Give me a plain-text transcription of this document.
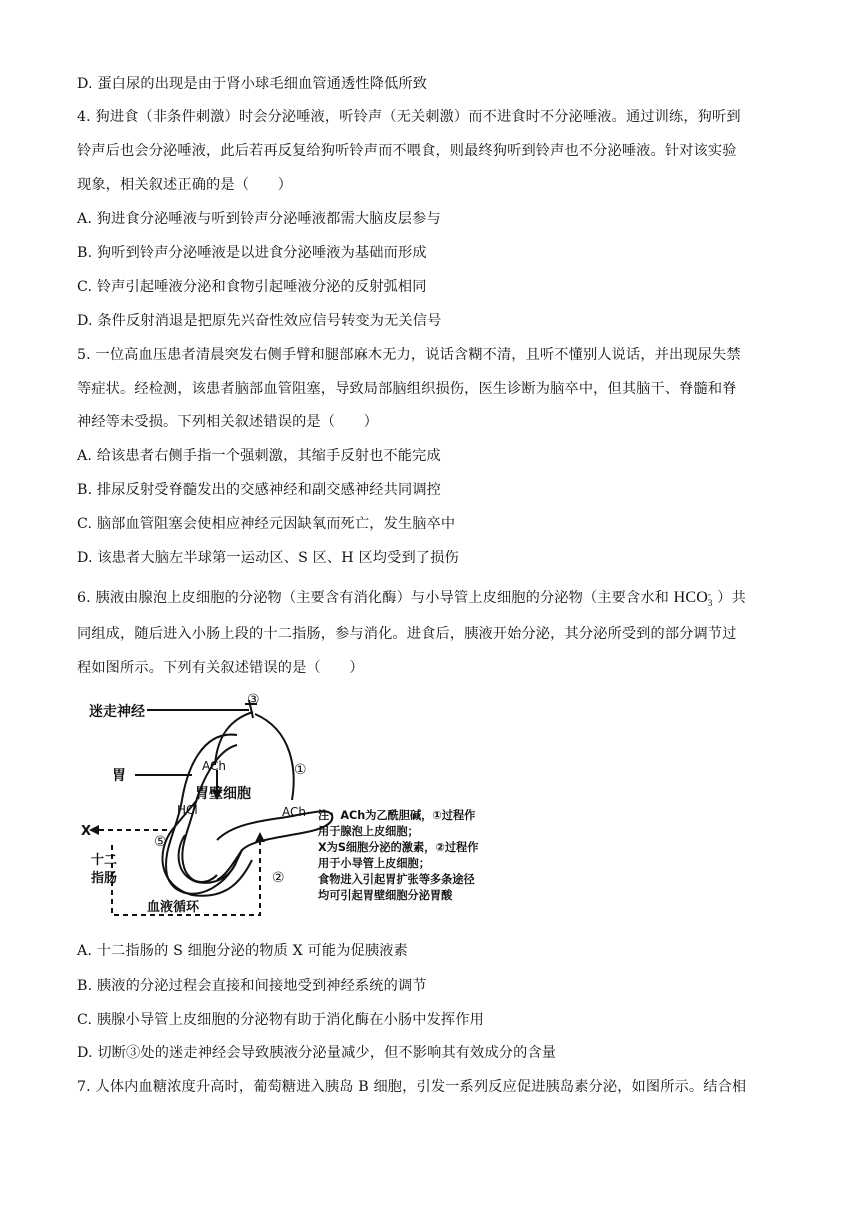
D. 蛋白尿的出现是由于肾小球毛细血管通透性降低所致
4. 狗进食（非条件刺激）时会分泌唾液，听铃声（无关刺激）而不进食时不分泌唾液。通过训练，狗听到
铃声后也会分泌唾液，此后若再反复给狗听铃声而不喂食，则最终狗听到铃声也不分泌唾液。针对该实验
现象，相关叙述正确的是（　　）
A. 狗进食分泌唾液与听到铃声分泌唾液都需大脑皮层参与
B. 狗听到铃声分泌唾液是以进食分泌唾液为基础而形成
C. 铃声引起唾液分泌和食物引起唾液分泌的反射弧相同
D. 条件反射消退是把原先兴奋性效应信号转变为无关信号
5. 一位高血压患者清晨突发右侧手臂和腿部麻木无力，说话含糊不清，且听不懂别人说话，并出现尿失禁
等症状。经检测，该患者脑部血管阻塞，导致局部脑组织损伤，医生诊断为脑卒中，但其脑干、脊髓和脊
神经等未受损。下列相关叙述错误的是（　　）
A. 给该患者右侧手指一个强刺激，其缩手反射也不能完成
B. 排尿反射受脊髓发出的交感神经和副交感神经共同调控
C. 脑部血管阻塞会使相应神经元因缺氧而死亡，发生脑卒中
D. 该患者大脑左半球第一运动区、S 区、H 区均受到了损伤
6. 胰液由腺泡上皮细胞的分泌物（主要含有消化酶）与小导管上皮细胞的分泌物（主要含水和 HCO -
3 ）共
同组成，随后进入小肠上段的十二指肠，参与消化。进食后，胰液开始分泌，其分泌所受到的部分调节过
程如图所示。下列有关叙述错误的是（　　）
迷走神经
③
①
ACh
ACh
胃
胃壁细胞
HCl
⑤
X
十二
指肠	②
血液循环
注：ACh为乙酰胆碱，①过程作
用于腺泡上皮细胞；
X为S细胞分泌的激素，②过程作
用于小导管上皮细胞；
食物进入引起胃扩张等多条途径
均可引起胃壁细胞分泌胃酸
A. 十二指肠的 S 细胞分泌的物质 X 可能为促胰液素
B. 胰液的分泌过程会直接和间接地受到神经系统的调节
C. 胰腺小导管上皮细胞的分泌物有助于消化酶在小肠中发挥作用
D. 切断③处的迷走神经会导致胰液分泌量减少，但不影响其有效成分的含量
7. 人体内血糖浓度升高时，葡萄糖进入胰岛 B 细胞，引发一系列反应促进胰岛素分泌，如图所示。结合相
